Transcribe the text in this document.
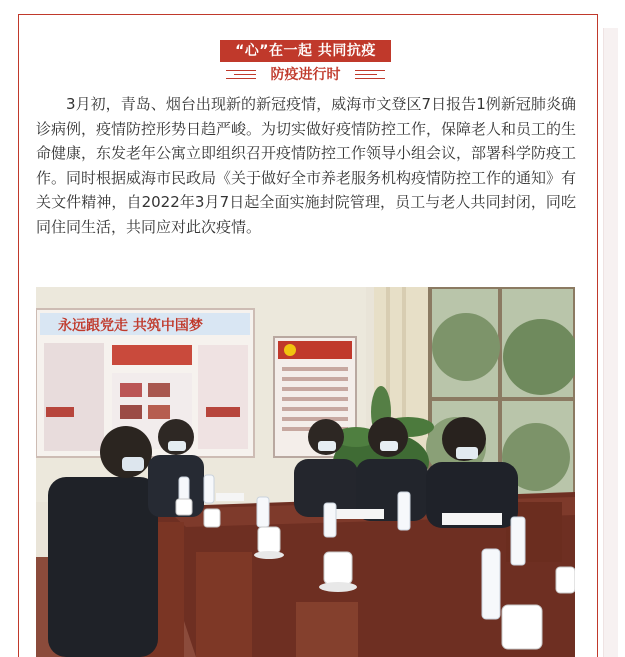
“心”在一起 共同抗疫
防疫进行时

3月初，青岛、烟台出现新的新冠疫情，威海市文登区7日报告1例新冠肺炎确诊病例，疫情防控形势日趋严峻。为切实做好疫情防控工作，保障老人和员工的生命健康，东发老年公寓立即组织召开疫情防控工作领导小组会议，部署科学防疫工作。同时根据威海市民政局《关于做好全市养老服务机构疫情防控工作的通知》有关文件精神，自2022年3月7日起全面实施封院管理，员工与老人共同封闭，同吃同住同生活，共同应对此次疫情。

永远跟党走 共筑中国梦
